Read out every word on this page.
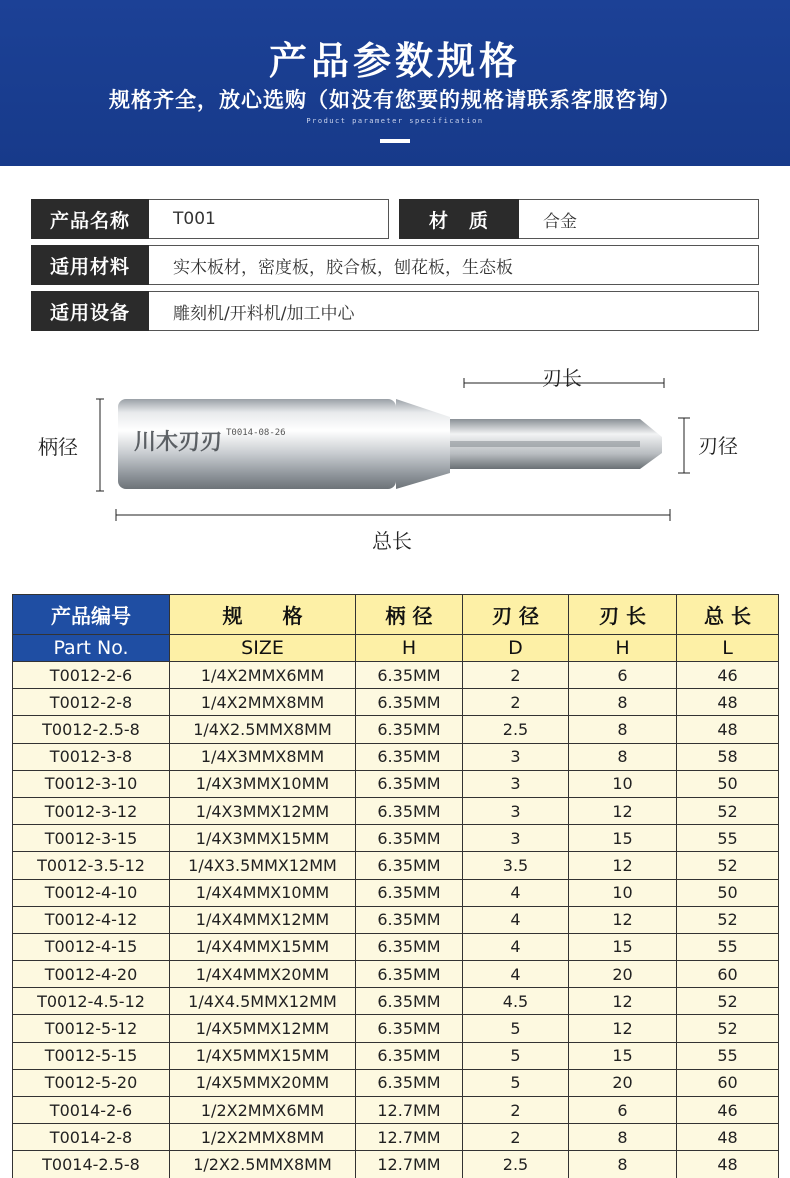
产品参数规格
规格齐全，放心选购（如没有您要的规格请联系客服咨询）
Product parameter specification
产品名称	T001	材　质	合金
适用材料	实木板材，密度板，胶合板，刨花板，生态板
适用设备	雕刻机/开料机/加工中心
川木刃刃 T0014-08-26
柄径
刃长
刃径
总长
产品编号	规　　格	柄 径	刃 径	刃 长	总 长
Part No.	SIZE	H	D	H	L
T0012-2-6	1/4X2MMX6MM	6.35MM	2	6	46
T0012-2-8	1/4X2MMX8MM	6.35MM	2	8	48
T0012-2.5-8	1/4X2.5MMX8MM	6.35MM	2.5	8	48
T0012-3-8	1/4X3MMX8MM	6.35MM	3	8	58
T0012-3-10	1/4X3MMX10MM	6.35MM	3	10	50
T0012-3-12	1/4X3MMX12MM	6.35MM	3	12	52
T0012-3-15	1/4X3MMX15MM	6.35MM	3	15	55
T0012-3.5-12	1/4X3.5MMX12MM	6.35MM	3.5	12	52
T0012-4-10	1/4X4MMX10MM	6.35MM	4	10	50
T0012-4-12	1/4X4MMX12MM	6.35MM	4	12	52
T0012-4-15	1/4X4MMX15MM	6.35MM	4	15	55
T0012-4-20	1/4X4MMX20MM	6.35MM	4	20	60
T0012-4.5-12	1/4X4.5MMX12MM	6.35MM	4.5	12	52
T0012-5-12	1/4X5MMX12MM	6.35MM	5	12	52
T0012-5-15	1/4X5MMX15MM	6.35MM	5	15	55
T0012-5-20	1/4X5MMX20MM	6.35MM	5	20	60
T0014-2-6	1/2X2MMX6MM	12.7MM	2	6	46
T0014-2-8	1/2X2MMX8MM	12.7MM	2	8	48
T0014-2.5-8	1/2X2.5MMX8MM	12.7MM	2.5	8	48
